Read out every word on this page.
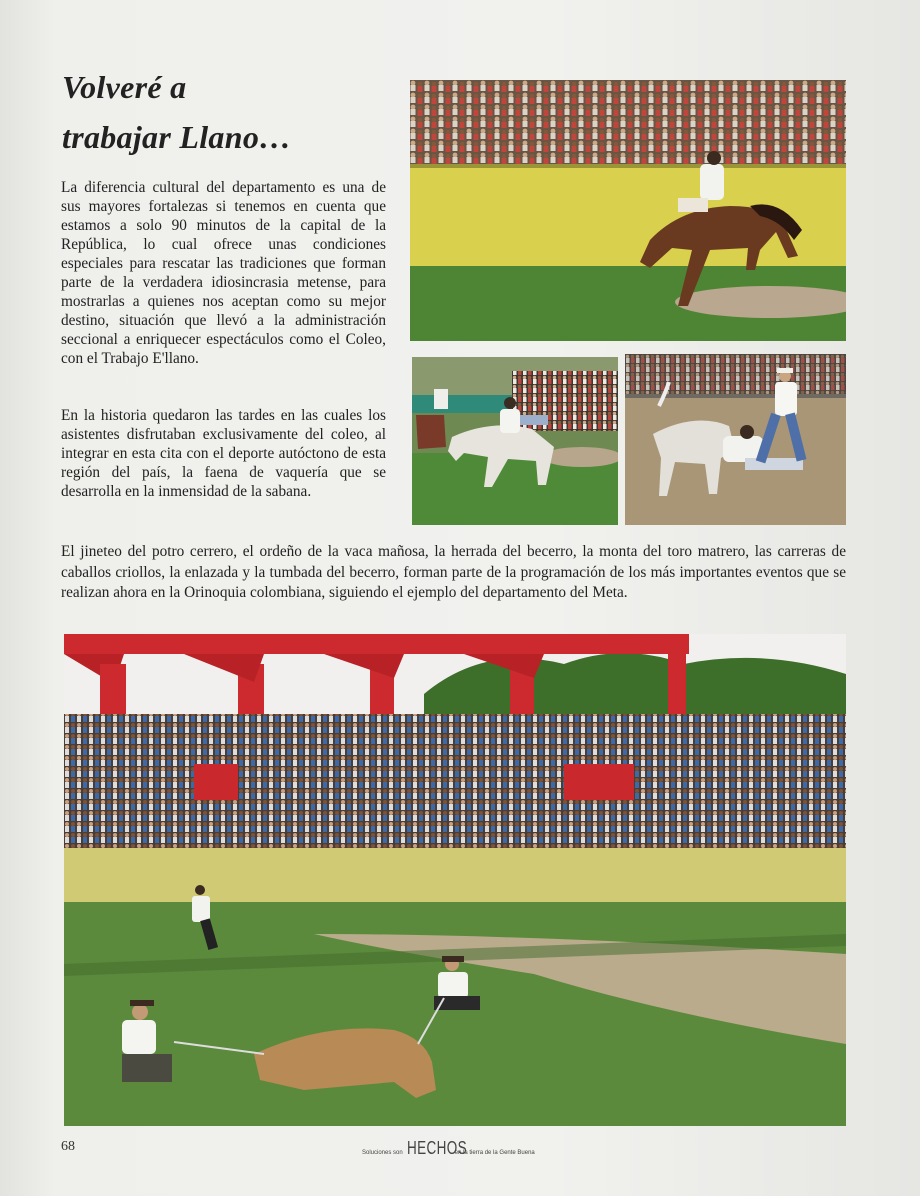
Volveré a
trabajar Llano…

La diferencia cultural del departamento es una de sus mayores fortalezas si tenemos en cuenta que estamos a solo 90 minutos de la capital de la República, lo cual ofrece unas condiciones especiales para rescatar las tradiciones que forman parte de la verdadera idiosincrasia metense, para mostrarlas a quienes nos aceptan como su mejor destino, situación que llevó a la administración seccional a enriquecer espectáculos como el Coleo, con el Trabajo E'llano.

En la historia quedaron las tardes en las cuales los asistentes disfrutaban exclusivamente del coleo, al integrar en esta cita con el deporte autóctono de esta región del país, la faena de vaquería que se desarrolla en la inmensidad de la sabana.

El jineteo del potro cerrero, el ordeño de la vaca mañosa, la herrada del becerro, la monta del toro matrero, las carreras de caballos criollos, la enlazada y la tumbada del becerro, forman parte de la programación de los más importantes eventos que se realizan ahora en la Orinoquia colombiana, siguiendo el ejemplo del departamento del Meta.

68	Soluciones son HECHOS
en la tierra de la Gente Buena
